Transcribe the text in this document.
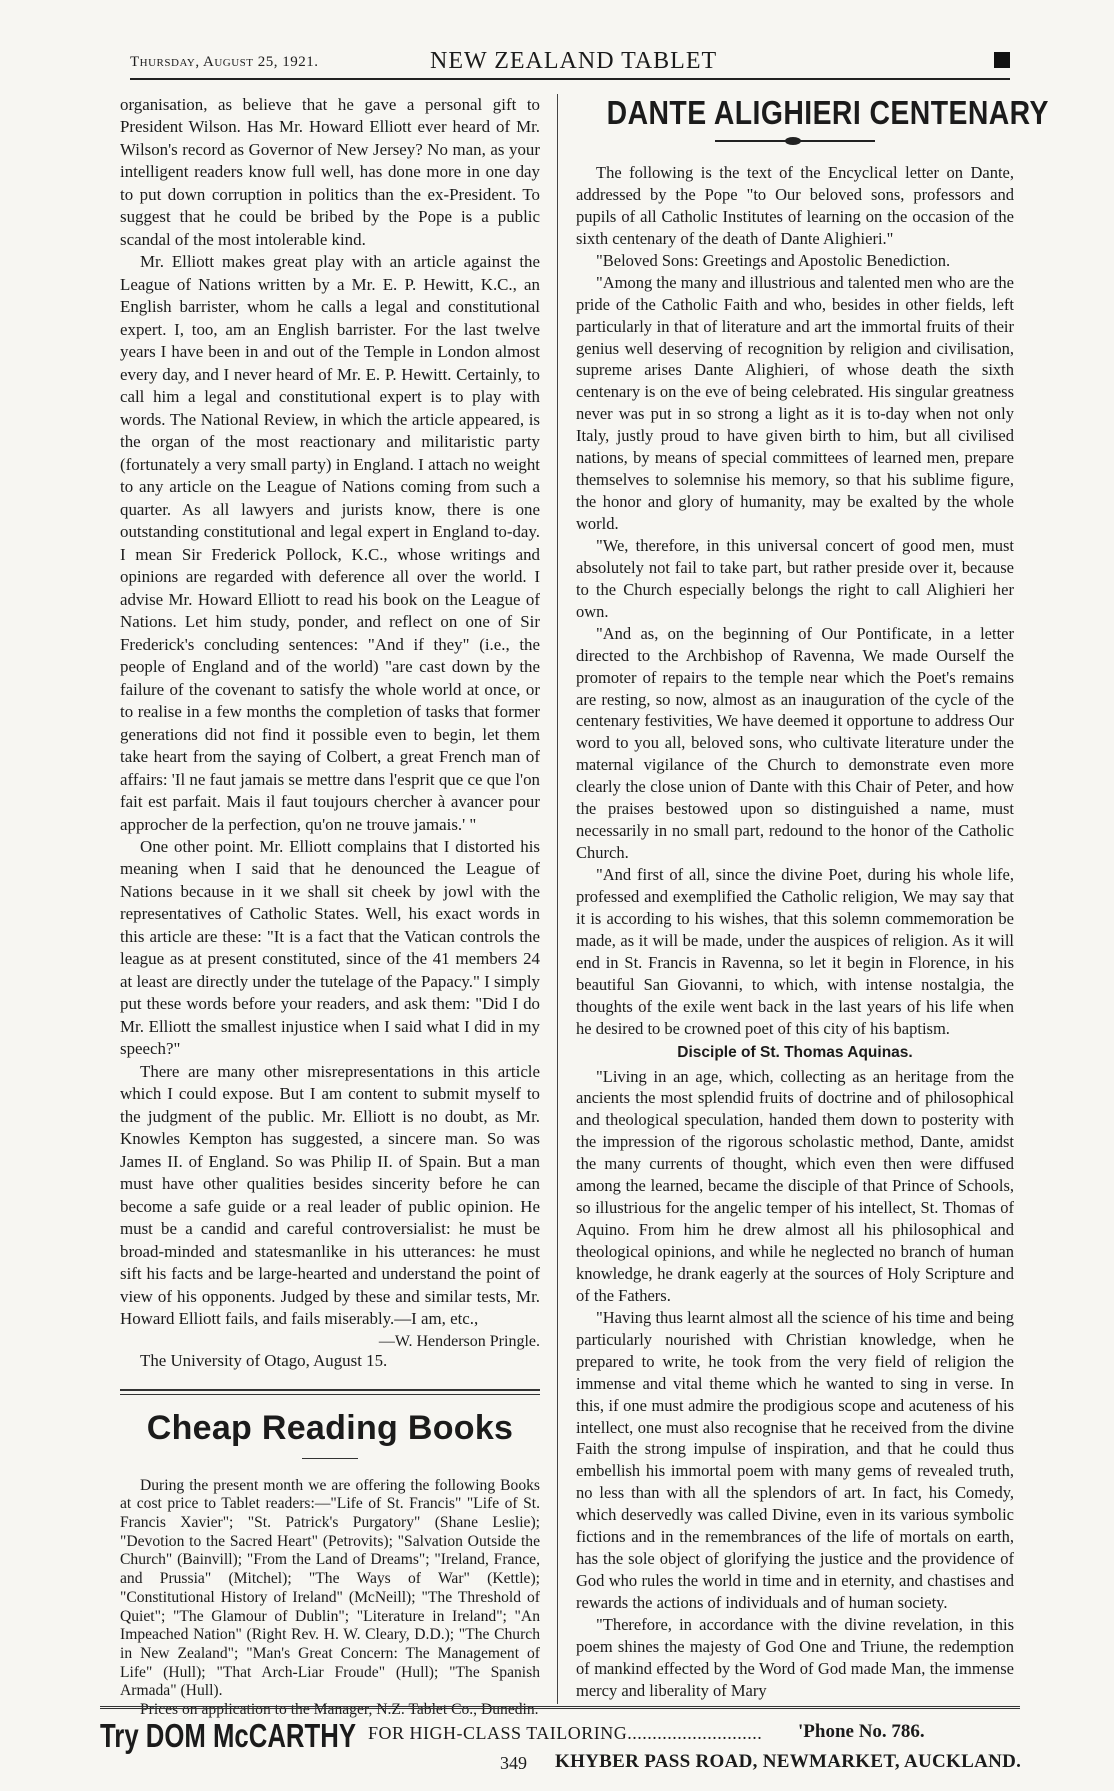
Thursday, August 25, 1921.	NEW ZEALAND TABLET

organisation, as believe that he gave a personal gift to President Wilson. Has Mr. Howard Elliott ever heard of Mr. Wilson's record as Governor of New Jersey? No man, as your intelligent readers know full well, has done more in one day to put down corruption in politics than the ex-President. To suggest that he could be bribed by the Pope is a public scandal of the most intolerable kind.

Mr. Elliott makes great play with an article against the League of Nations written by a Mr. E. P. Hewitt, K.C., an English barrister, whom he calls a legal and constitutional expert. I, too, am an English barrister. For the last twelve years I have been in and out of the Temple in London almost every day, and I never heard of Mr. E. P. Hewitt. Certainly, to call him a legal and constitutional expert is to play with words. The National Review, in which the article appeared, is the organ of the most reactionary and militaristic party (fortunately a very small party) in England. I attach no weight to any article on the League of Nations coming from such a quarter. As all lawyers and jurists know, there is one outstanding constitutional and legal expert in England to-day. I mean Sir Frederick Pollock, K.C., whose writings and opinions are regarded with deference all over the world. I advise Mr. Howard Elliott to read his book on the League of Nations. Let him study, ponder, and reflect on one of Sir Frederick's concluding sentences: "And if they" (i.e., the people of England and of the world) "are cast down by the failure of the covenant to satisfy the whole world at once, or to realise in a few months the completion of tasks that former generations did not find it possible even to begin, let them take heart from the saying of Colbert, a great French man of affairs: 'Il ne faut jamais se mettre dans l'esprit que ce que l'on fait est parfait. Mais il faut toujours chercher à avancer pour approcher de la perfection, qu'on ne trouve jamais.' "

One other point. Mr. Elliott complains that I distorted his meaning when I said that he denounced the League of Nations because in it we shall sit cheek by jowl with the representatives of Catholic States. Well, his exact words in this article are these: "It is a fact that the Vatican controls the league as at present constituted, since of the 41 members 24 at least are directly under the tutelage of the Papacy." I simply put these words before your readers, and ask them: "Did I do Mr. Elliott the smallest injustice when I said what I did in my speech?"

There are many other misrepresentations in this article which I could expose. But I am content to submit myself to the judgment of the public. Mr. Elliott is no doubt, as Mr. Knowles Kempton has suggested, a sincere man. So was James II. of England. So was Philip II. of Spain. But a man must have other qualities besides sincerity before he can become a safe guide or a real leader of public opinion. He must be a candid and careful controversialist: he must be broad-minded and statesmanlike in his utterances: he must sift his facts and be large-hearted and understand the point of view of his opponents. Judged by these and similar tests, Mr. Howard Elliott fails, and fails miserably.—I am, etc.,

—W. Henderson Pringle.
The University of Otago, August 15.
Cheap Reading Books

During the present month we are offering the following Books at cost price to Tablet readers:—"Life of St. Francis" "Life of St. Francis Xavier"; "St. Patrick's Purgatory" (Shane Leslie); "Devotion to the Sacred Heart" (Petrovits); "Salvation Outside the Church" (Bainvill); "From the Land of Dreams"; "Ireland, France, and Prussia" (Mitchel); "The Ways of War" (Kettle); "Constitutional History of Ireland" (McNeill); "The Threshold of Quiet"; "The Glamour of Dublin"; "Literature in Ireland"; "An Impeached Nation" (Right Rev. H. W. Cleary, D.D.); "The Church in New Zealand"; "Man's Great Concern: The Management of Life" (Hull); "That Arch-Liar Froude" (Hull); "The Spanish Armada" (Hull).

Prices on application to the Manager, N.Z. Tablet Co., Dunedin.

DANTE ALIGHIERI CENTENARY

The following is the text of the Encyclical letter on Dante, addressed by the Pope "to Our beloved sons, professors and pupils of all Catholic Institutes of learning on the occasion of the sixth centenary of the death of Dante Alighieri."

"Beloved Sons: Greetings and Apostolic Benediction.

"Among the many and illustrious and talented men who are the pride of the Catholic Faith and who, besides in other fields, left particularly in that of literature and art the immortal fruits of their genius well deserving of recognition by religion and civilisation, supreme arises Dante Alighieri, of whose death the sixth centenary is on the eve of being celebrated. His singular greatness never was put in so strong a light as it is to-day when not only Italy, justly proud to have given birth to him, but all civilised nations, by means of special committees of learned men, prepare themselves to solemnise his memory, so that his sublime figure, the honor and glory of humanity, may be exalted by the whole world.

"We, therefore, in this universal concert of good men, must absolutely not fail to take part, but rather preside over it, because to the Church especially belongs the right to call Alighieri her own.

"And as, on the beginning of Our Pontificate, in a letter directed to the Archbishop of Ravenna, We made Ourself the promoter of repairs to the temple near which the Poet's remains are resting, so now, almost as an inauguration of the cycle of the centenary festivities, We have deemed it opportune to address Our word to you all, beloved sons, who cultivate literature under the maternal vigilance of the Church to demonstrate even more clearly the close union of Dante with this Chair of Peter, and how the praises bestowed upon so distinguished a name, must necessarily in no small part, redound to the honor of the Catholic Church.

"And first of all, since the divine Poet, during his whole life, professed and exemplified the Catholic religion, We may say that it is according to his wishes, that this solemn commemoration be made, as it will be made, under the auspices of religion. As it will end in St. Francis in Ravenna, so let it begin in Florence, in his beautiful San Giovanni, to which, with intense nostalgia, the thoughts of the exile went back in the last years of his life when he desired to be crowned poet of this city of his baptism.

Disciple of St. Thomas Aquinas.

"Living in an age, which, collecting as an heritage from the ancients the most splendid fruits of doctrine and of philosophical and theological speculation, handed them down to posterity with the impression of the rigorous scholastic method, Dante, amidst the many currents of thought, which even then were diffused among the learned, became the disciple of that Prince of Schools, so illustrious for the angelic temper of his intellect, St. Thomas of Aquino. From him he drew almost all his philosophical and theological opinions, and while he neglected no branch of human knowledge, he drank eagerly at the sources of Holy Scripture and of the Fathers.

"Having thus learnt almost all the science of his time and being particularly nourished with Christian knowledge, when he prepared to write, he took from the very field of religion the immense and vital theme which he wanted to sing in verse. In this, if one must admire the prodigious scope and acuteness of his intellect, one must also recognise that he received from the divine Faith the strong impulse of inspiration, and that he could thus embellish his immortal poem with many gems of revealed truth, no less than with all the splendors of art. In fact, his Comedy, which deservedly was called Divine, even in its various symbolic fictions and in the remembrances of the life of mortals on earth, has the sole object of glorifying the justice and the providence of God who rules the world in time and in eternity, and chastises and rewards the actions of individuals and of human society.

"Therefore, in accordance with the divine revelation, in this poem shines the majesty of God One and Triune, the redemption of mankind effected by the Word of God made Man, the immense mercy and liberality of Mary

Try DOM McCARTHY FOR HIGH-CLASS TAILORING........................... 'Phone No. 786.
349 KHYBER PASS ROAD, NEWMARKET, AUCKLAND.
